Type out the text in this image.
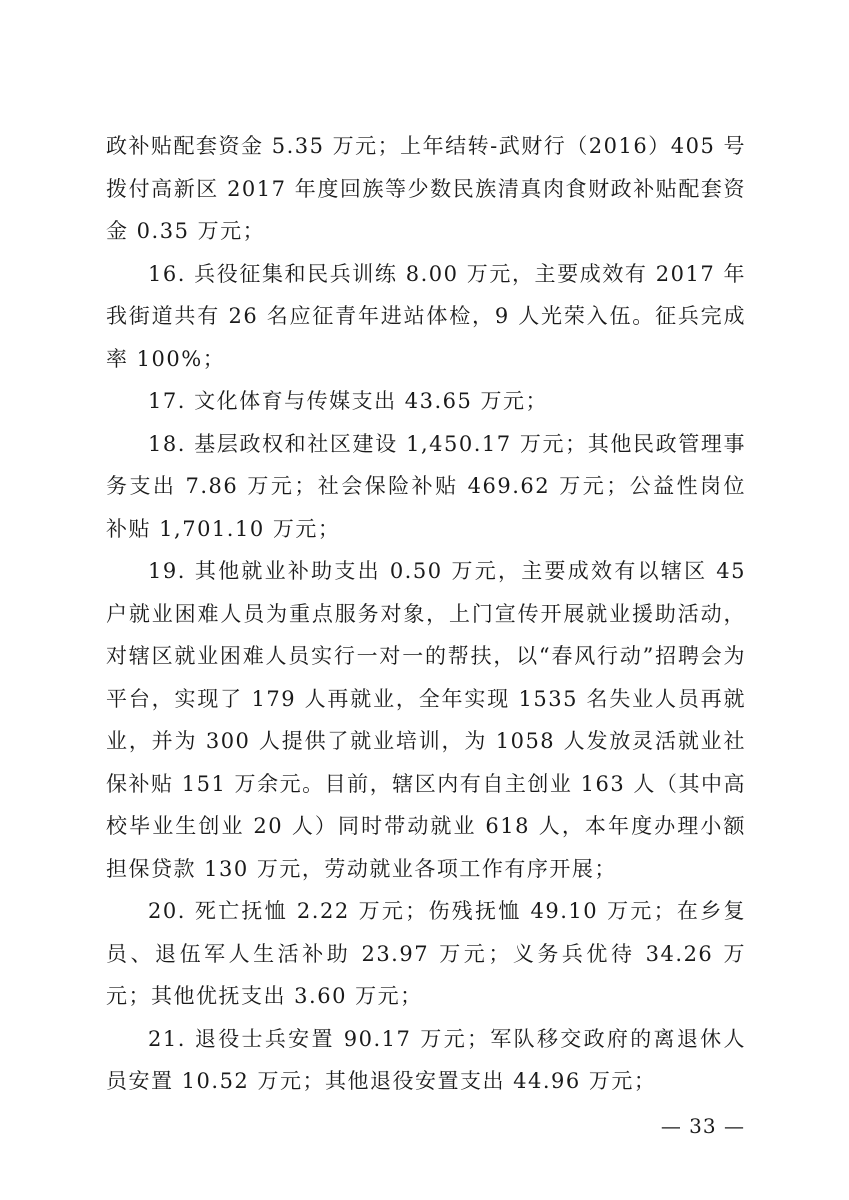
政补贴配套资金 5.35 万元；上年结转-武财行（2016）405 号拨付高新区 2017 年度回族等少数民族清真肉食财政补贴配套资金 0.35 万元；

16. 兵役征集和民兵训练 8.00 万元，主要成效有 2017 年我街道共有 26 名应征青年进站体检，9 人光荣入伍。征兵完成率 100%；

17. 文化体育与传媒支出 43.65 万元；

18. 基层政权和社区建设 1,450.17 万元；其他民政管理事务支出 7.86 万元；社会保险补贴 469.62 万元；公益性岗位补贴 1,701.10 万元；

19. 其他就业补助支出 0.50 万元，主要成效有以辖区 45 户就业困难人员为重点服务对象，上门宣传开展就业援助活动，对辖区就业困难人员实行一对一的帮扶，以“春风行动”招聘会为平台，实现了 179 人再就业，全年实现 1535 名失业人员再就业，并为 300 人提供了就业培训，为 1058 人发放灵活就业社保补贴 151 万余元。目前，辖区内有自主创业 163 人（其中高校毕业生创业 20 人）同时带动就业 618 人，本年度办理小额担保贷款 130 万元，劳动就业各项工作有序开展；

20. 死亡抚恤 2.22 万元；伤残抚恤 49.10 万元；在乡复员、退伍军人生活补助 23.97 万元；义务兵优待 34.26 万元；其他优抚支出 3.60 万元；

21. 退役士兵安置 90.17 万元；军队移交政府的离退休人员安置 10.52 万元；其他退役安置支出 44.96 万元；

— 33 —
